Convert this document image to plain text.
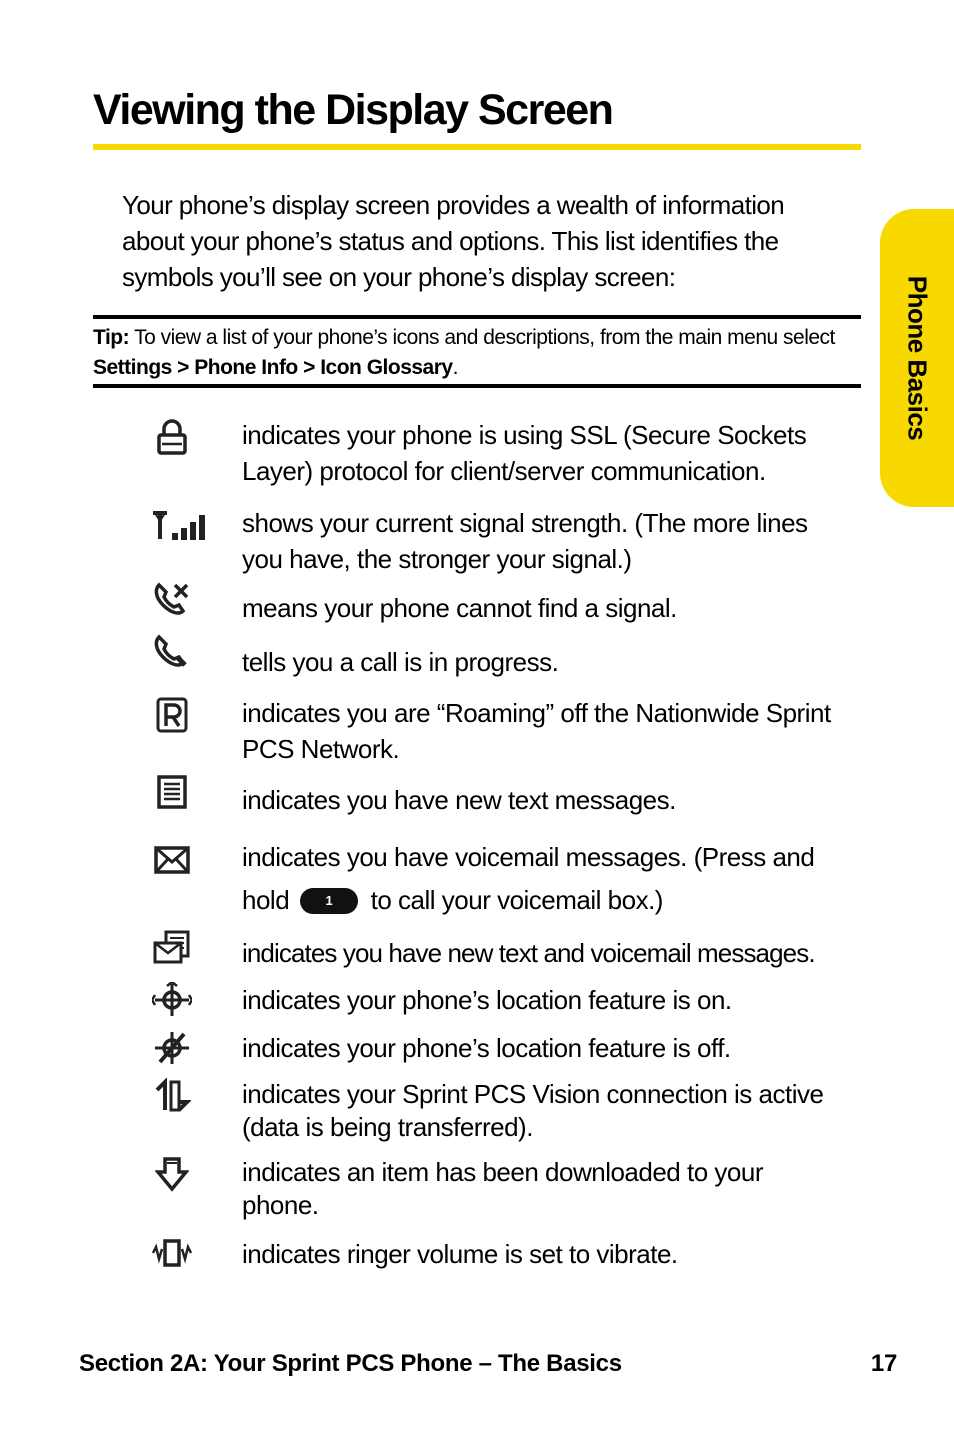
Viewing the Display Screen

Your phone’s display screen provides a wealth of information about your phone’s status and options. This list identifies the symbols you’ll see on your phone’s display screen:

Tip: To view a list of your phone’s icons and descriptions, from the main menu select Settings > Phone Info > Icon Glossary.	Phone Basics

indicates your phone is using SSL (Secure Sockets Layer) protocol for client/server communication.

shows your current signal strength. (The more lines you have, the stronger your signal.)

means your phone cannot find a signal.

tells you a call is in progress.

indicates you are “Roaming” off the Nationwide Sprint PCS Network.

indicates you have new text messages.

indicates you have voicemail messages. (Press and hold	1 to call your voicemail box.)

indicates you have new text and voicemail messages.

indicates your phone’s location feature is on.

indicates your phone’s location feature is off.

indicates your Sprint PCS Vision connection is active (data is being transferred).

indicates an item has been downloaded to your phone.

indicates ringer volume is set to vibrate.

Section 2A: Your Sprint PCS Phone – The Basics	17
